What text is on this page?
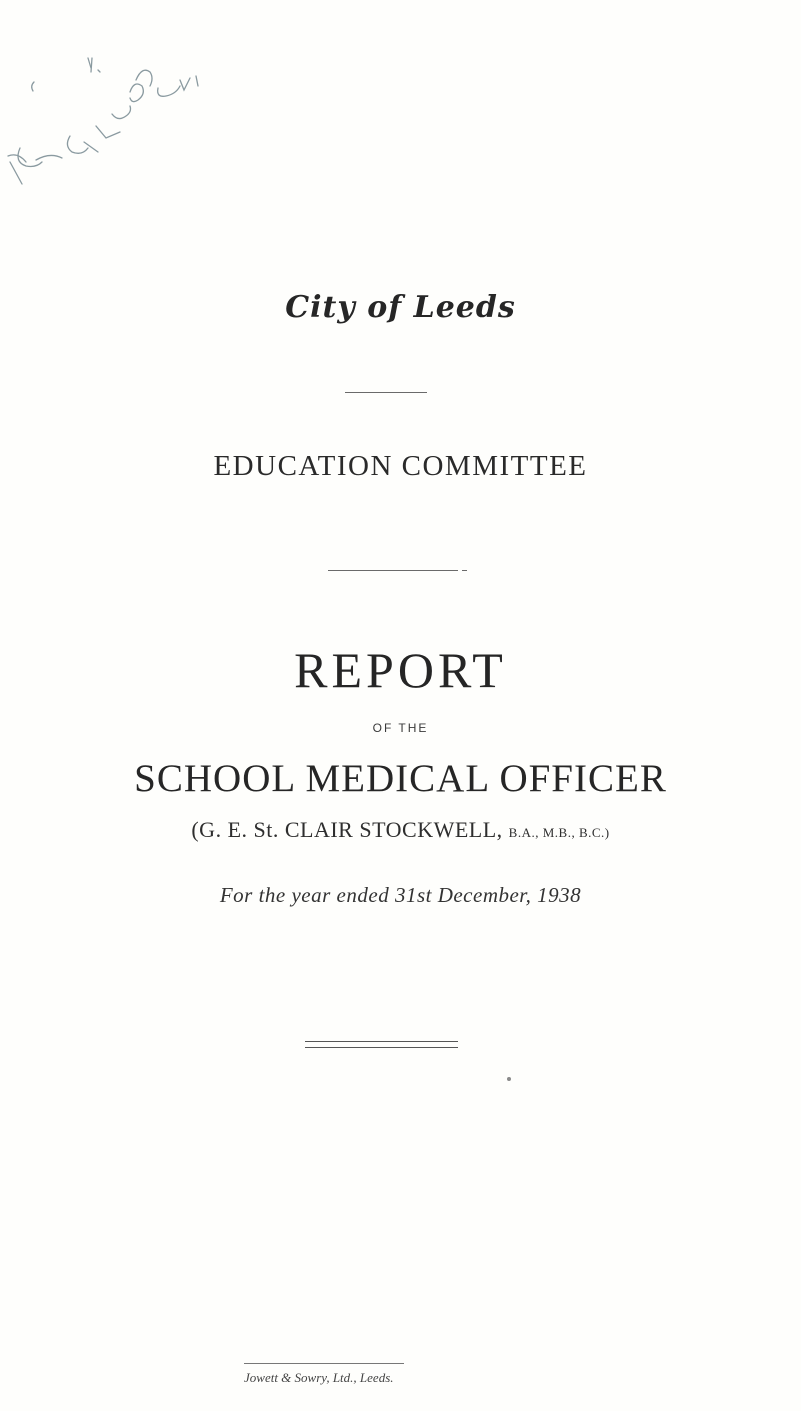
City of Leeds
EDUCATION COMMITTEE
REPORT
OF THE
SCHOOL MEDICAL OFFICER
(G. E. St. CLAIR STOCKWELL, B.A., M.B., B.C.)
For the year ended 31st December, 1938
Jowett & Sowry, Ltd., Leeds.
